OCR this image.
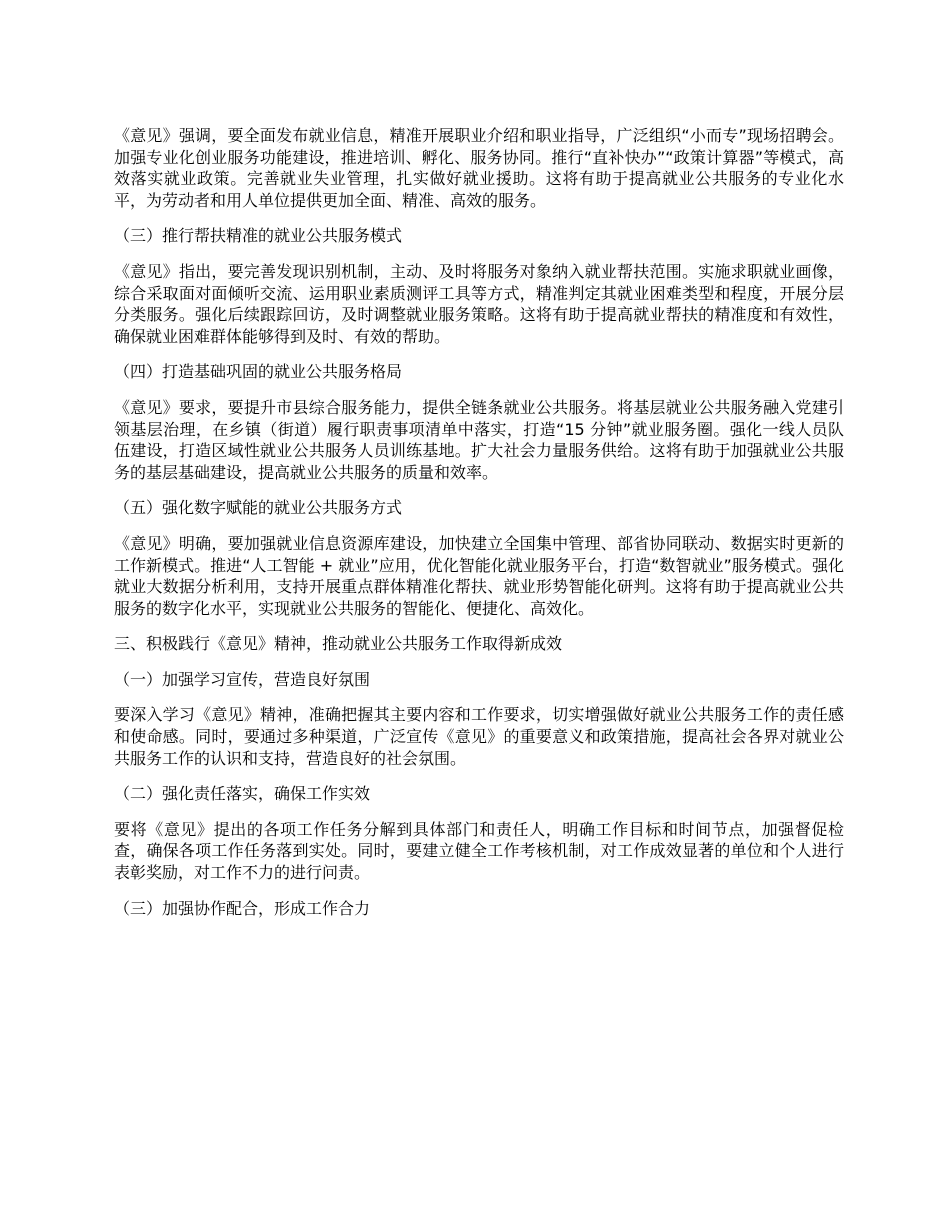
《意见》强调，要全面发布就业信息，精准开展职业介绍和职业指导，广泛组织“小而专”现场招聘会。加强专业化创业服务功能建设，推进培训、孵化、服务协同。推行“直补快办”“政策计算器”等模式，高效落实就业政策。完善就业失业管理，扎实做好就业援助。这将有助于提高就业公共服务的专业化水平，为劳动者和用人单位提供更加全面、精准、高效的服务。

（三）推行帮扶精准的就业公共服务模式

《意见》指出，要完善发现识别机制，主动、及时将服务对象纳入就业帮扶范围。实施求职就业画像，综合采取面对面倾听交流、运用职业素质测评工具等方式，精准判定其就业困难类型和程度，开展分层分类服务。强化后续跟踪回访，及时调整就业服务策略。这将有助于提高就业帮扶的精准度和有效性，确保就业困难群体能够得到及时、有效的帮助。

（四）打造基础巩固的就业公共服务格局

《意见》要求，要提升市县综合服务能力，提供全链条就业公共服务。将基层就业公共服务融入党建引领基层治理，在乡镇（街道）履行职责事项清单中落实，打造“15 分钟”就业服务圈。强化一线人员队伍建设，打造区域性就业公共服务人员训练基地。扩大社会力量服务供给。这将有助于加强就业公共服务的基层基础建设，提高就业公共服务的质量和效率。

（五）强化数字赋能的就业公共服务方式

《意见》明确，要加强就业信息资源库建设，加快建立全国集中管理、部省协同联动、数据实时更新的工作新模式。推进“人工智能 + 就业”应用，优化智能化就业服务平台，打造“数智就业”服务模式。强化就业大数据分析利用，支持开展重点群体精准化帮扶、就业形势智能化研判。这将有助于提高就业公共服务的数字化水平，实现就业公共服务的智能化、便捷化、高效化。

三、积极践行《意见》精神，推动就业公共服务工作取得新成效

（一）加强学习宣传，营造良好氛围

要深入学习《意见》精神，准确把握其主要内容和工作要求，切实增强做好就业公共服务工作的责任感和使命感。同时，要通过多种渠道，广泛宣传《意见》的重要意义和政策措施，提高社会各界对就业公共服务工作的认识和支持，营造良好的社会氛围。

（二）强化责任落实，确保工作实效

要将《意见》提出的各项工作任务分解到具体部门和责任人，明确工作目标和时间节点，加强督促检查，确保各项工作任务落到实处。同时，要建立健全工作考核机制，对工作成效显著的单位和个人进行表彰奖励，对工作不力的进行问责。

（三）加强协作配合，形成工作合力
